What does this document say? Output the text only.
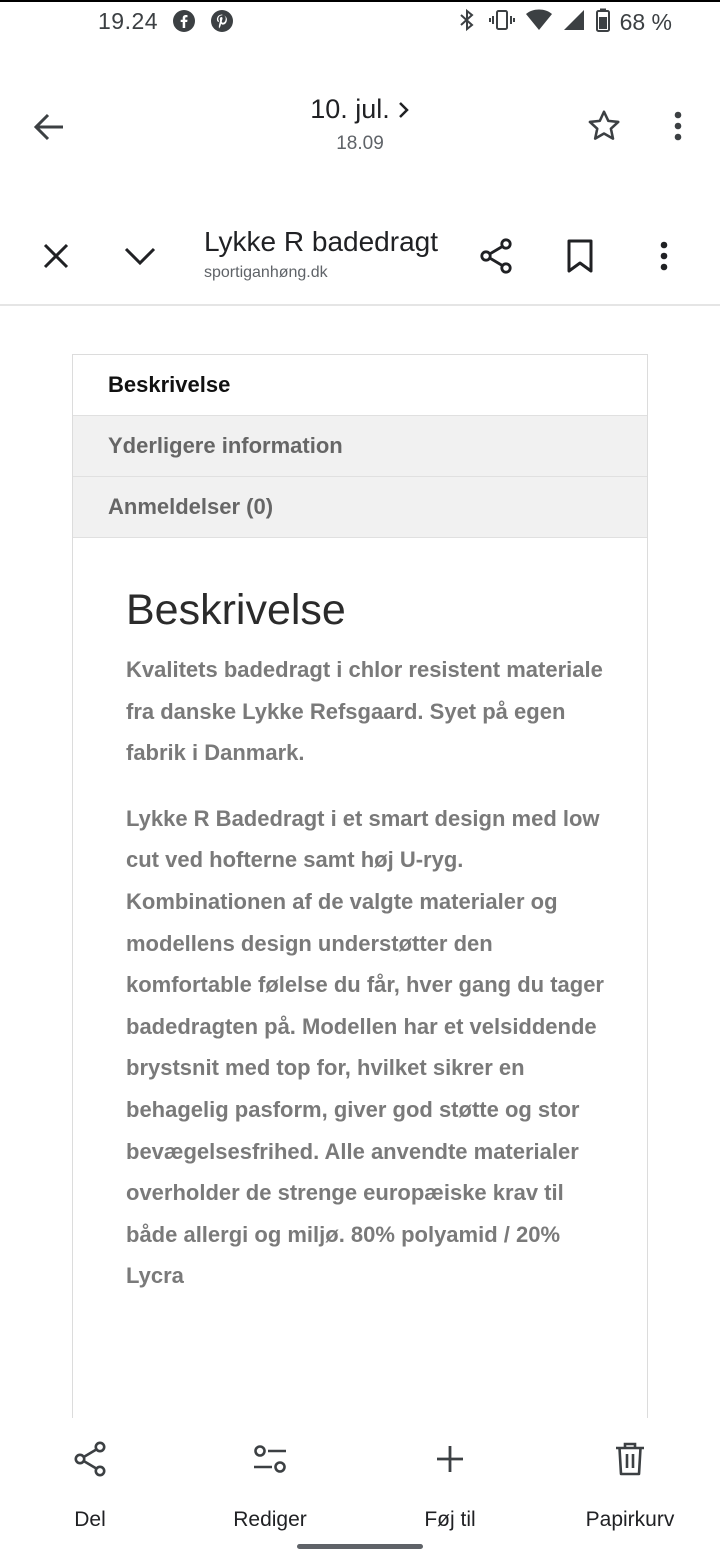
19.24	68 %
10. jul.
18.09
Lykke R badedragt
sportiganhøng.dk
Beskrivelse
Yderligere information
Anmeldelser (0)
Beskrivelse

Kvalitets badedragt i chlor resistent materiale fra danske Lykke Refsgaard. Syet på egen fabrik i Danmark.

Lykke R Badedragt i et smart design med low cut ved hofterne samt høj U-ryg. Kombinationen af de valgte materialer og modellens design understøtter den komfortable følelse du får, hver gang du tager badedragten på. Modellen har et velsiddende brystsnit med top for, hvilket sikrer en behagelig pasform, giver god støtte og stor bevægelsesfrihed. Alle anvendte materialer overholder de strenge europæiske krav til både allergi og miljø. 80% polyamid / 20% Lycra

Del	Rediger	Føj til	Papirkurv
